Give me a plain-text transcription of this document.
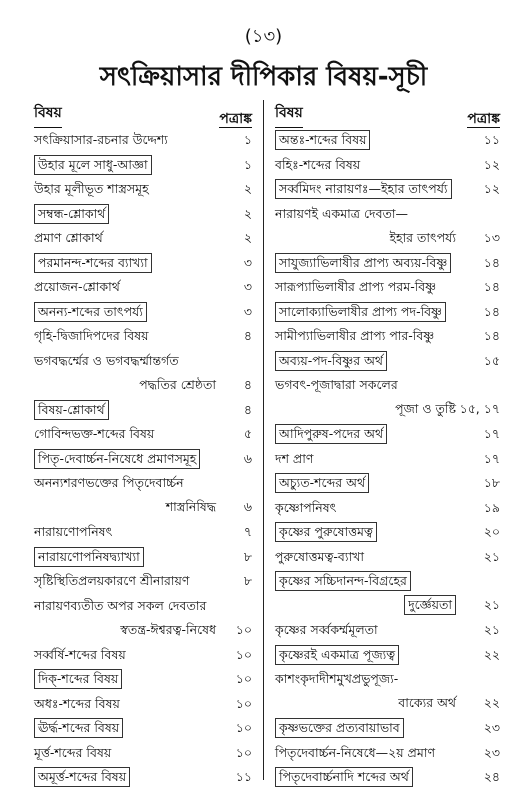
(১৩)
সৎক্রিয়াসার দীপিকার বিষয়-সূচী
বিষয়	পত্রাঙ্ক
সৎক্রিয়াসার-রচনার উদ্দেশ্য	১
উহার মূলে সাধু-আজ্ঞা	১
উহার মূলীভূত শাস্ত্রসমূহ	২
সম্বন্ধ-শ্লোকার্থ	২
প্রমাণ শ্লোকার্থ	২
পরমানন্দ-শব্দের ব্যাখ্যা	৩
প্রয়োজন-শ্লোকার্থ	৩
অনন্য-শব্দের তাৎপর্য্য	৩
গৃহি-দ্বিজাদিপদের বিষয়	৪
ভগবদ্ধর্ম্মের ও ভগবদ্ধর্ম্মান্তর্গত
পদ্ধতির শ্রেষ্ঠতা ৪
বিষয়-শ্লোকার্থ	৪
গোবিন্দভক্ত-শব্দের বিষয়	৫
পিতৃ-দেবার্চ্চন-নিষেধে প্রমাণসমূহ	৬
অনন্যশরণভক্তের পিতৃদেবার্চ্চন
শাস্ত্রনিষিদ্ধ ৬
নারায়ণোপনিষৎ	৭
নারায়ণোপনিষদ্ব্যাখ্যা	৮
সৃষ্টিস্থিতিপ্রলয়কারণে শ্রীনারায়ণ	৮
নারায়ণব্যতীত অপর সকল দেবতার
স্বতন্ত্র-ঈশ্বরত্ব-নিষেধ ১০
সর্ব্বর্ষি-শব্দের বিষয়	১০
দিক্-শব্দের বিষয়	১০
অধঃ-শব্দের বিষয়	১০
ঊর্দ্ধ-শব্দের বিষয়	১০
মূর্ত্ত-শব্দের বিষয়	১০
অমূর্ত্ত-শব্দের বিষয়	১১
বিষয়	পত্রাঙ্ক
অন্তঃ-শব্দের বিষয়	১১
বহিঃ-শব্দের বিষয়	১২
সর্ব্বমিদং নারায়ণঃ—ইহার তাৎপর্য্য	১২
নারায়ণই একমাত্র দেবতা—
ইহার তাৎপর্য্য ১৩
সাযুজ্যাভিলাষীর প্রাপ্য অব্যয়-বিষ্ণু	১৪
সারূপ্যাভিলাষীর প্রাপ্য পরম-বিষ্ণু	১৪
সালোক্যাভিলাষীর প্রাপ্য পদ-বিষ্ণু	১৪
সামীপ্যাভিলাষীর প্রাপ্য পার-বিষ্ণু	১৪
অব্যয়-পদ-বিষ্ণুর অর্থ	১৫
ভগবৎ-পূজাদ্বারা সকলের
পূজা ও তুষ্টি ১৫, ১৭
আদিপুরুষ-পদের অর্থ	১৭
দশ প্রাণ	১৭
অচ্যুত-শব্দের অর্থ	১৮
কৃষ্ণোপনিষৎ	১৯
কৃষ্ণের পুরুষোত্তমত্ব	২০
পুরুষোত্তমত্ব-ব্যাখা	২১
কৃষ্ণের সচ্চিদানন্দ-বিগ্রহের
দুর্জ্ঞেয়তা	২১
কৃষ্ণের সর্ব্বকর্ম্মমূলতা	২১
কৃষ্ণেরই একমাত্র পূজ্যত্ব	২২
কাশংকৃদাদীশমুখপ্রভুপূজ্য-
বাক্যের অর্থ ২২
কৃষ্ণভক্তের প্রত্যবায়াভাব	২৩
পিতৃদেবার্চ্চন-নিষেধে—২য় প্রমাণ	২৩
পিতৃদেবার্চ্চনাদি শব্দের অর্থ	২৪
